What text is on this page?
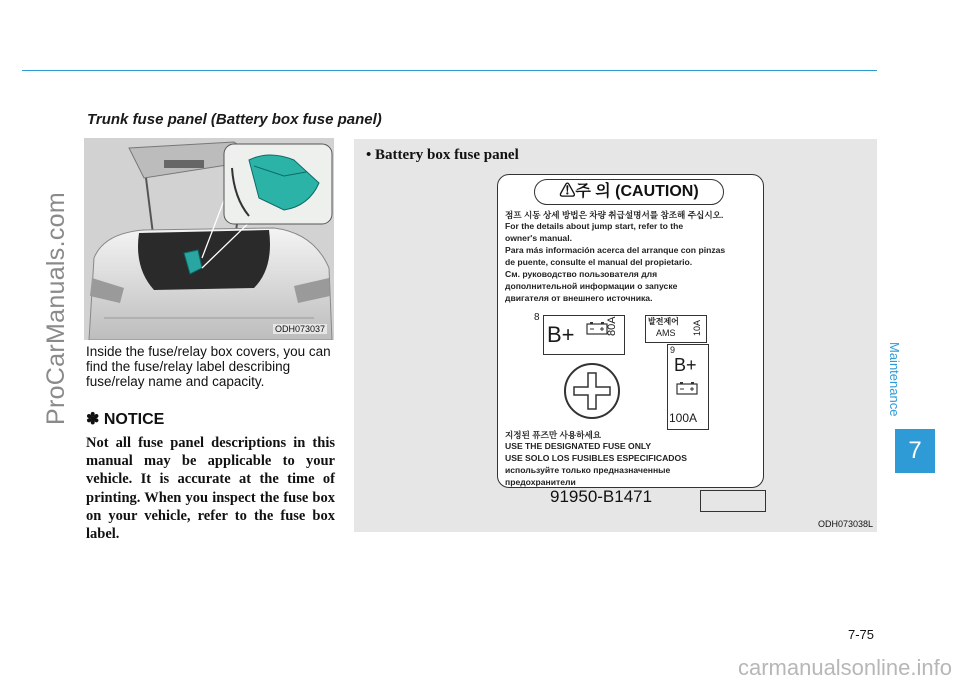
ProCarManuals.com
carmanualsonline.info
Maintenance
7
Trunk fuse panel (Battery box fuse panel)
ODH073037
Inside the fuse/relay box covers, you can find the fuse/relay label describing fuse/relay name and capacity.
✽ NOTICE
Not all fuse panel descriptions in this manual may be applicable to your vehicle. It is accurate at the time of printing. When you inspect the fuse box on your vehicle, refer to the fuse box label.
• Battery box fuse panel
⚠주 의 (CAUTION)
점프 시동 상세 방법은 차량 취급설명서를 참조해 주십시오.
For the details about jump start, refer to the
owner's manual.
Para más información acerca del arranque con pinzas
de puente, consulte el manual del propietario.
См. руководство пользователя для
дополнительной информации о запуске
двигателя от внешнего источника.
8
B+	80A	발전제어
AMS 10A
9
B+
100A
지정된 퓨즈만 사용하세요
USE THE DESIGNATED FUSE ONLY
USE SOLO LOS FUSIBLES ESPECIFICADOS
используйте только предназначенные
предохранители
91950-B1471
ODH073038L
7-75
